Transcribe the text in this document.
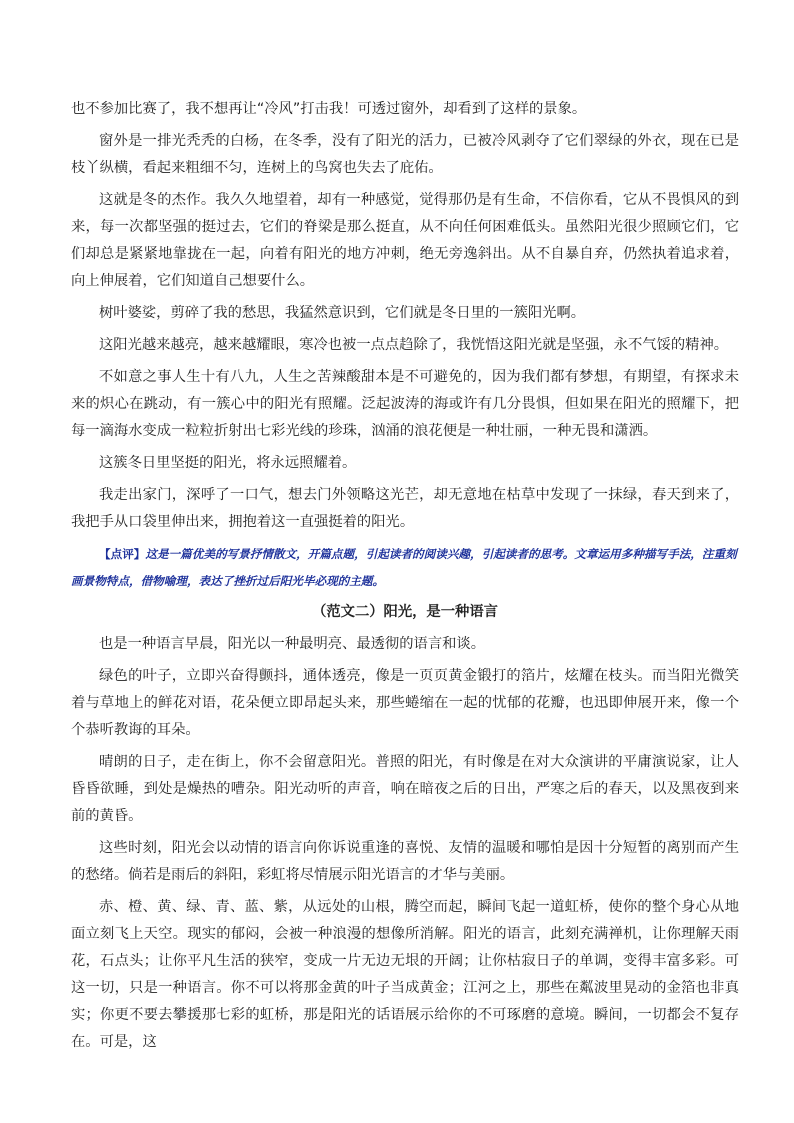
也不参加比赛了，我不想再让“冷风”打击我！可透过窗外，却看到了这样的景象。

窗外是一排光秃秃的白杨，在冬季，没有了阳光的活力，已被冷风剥夺了它们翠绿的外衣，现在已是枝丫纵横，看起来粗细不匀，连树上的鸟窝也失去了庇佑。

这就是冬的杰作。我久久地望着，却有一种感觉，觉得那仍是有生命，不信你看，它从不畏惧风的到来，每一次都坚强的挺过去，它们的脊梁是那么挺直，从不向任何困难低头。虽然阳光很少照顾它们，它们却总是紧紧地靠拢在一起，向着有阳光的地方冲刺，绝无旁逸斜出。从不自暴自弃，仍然执着追求着，向上伸展着，它们知道自己想要什么。

树叶婆娑，剪碎了我的愁思，我猛然意识到，它们就是冬日里的一簇阳光啊。

这阳光越来越亮，越来越耀眼，寒冷也被一点点趋除了，我恍悟这阳光就是坚强，永不气馁的精神。

不如意之事人生十有八九，人生之苦辣酸甜本是不可避免的，因为我们都有梦想，有期望，有探求未来的炽心在跳动，有一簇心中的阳光有照耀。泛起波涛的海或许有几分畏惧，但如果在阳光的照耀下，把每一滴海水变成一粒粒折射出七彩光线的珍珠，汹涌的浪花便是一种壮丽，一种无畏和潇洒。

这簇冬日里坚挺的阳光，将永远照耀着。

我走出家门，深呼了一口气，想去门外领略这光芒，却无意地在枯草中发现了一抹绿，春天到来了，我把手从口袋里伸出来，拥抱着这一直强挺着的阳光。

【点评】这是一篇优美的写景抒情散文，开篇点题，引起读者的阅读兴趣，引起读者的思考。文章运用多种描写手法，注重刻画景物特点，借物喻理，表达了挫折过后阳光毕必现的主题。

（范文二）阳光，是一种语言

也是一种语言早晨，阳光以一种最明亮、最透彻的语言和谈。

绿色的叶子，立即兴奋得颤抖，通体透亮，像是一页页黄金锻打的箔片，炫耀在枝头。而当阳光微笑着与草地上的鲜花对语，花朵便立即昂起头来，那些蜷缩在一起的忧郁的花瓣，也迅即伸展开来，像一个个恭听教诲的耳朵。

晴朗的日子，走在街上，你不会留意阳光。普照的阳光，有时像是在对大众演讲的平庸演说家，让人昏昏欲睡，到处是燥热的嘈杂。阳光动听的声音，响在暗夜之后的日出，严寒之后的春天，以及黑夜到来前的黄昏。

这些时刻，阳光会以动情的语言向你诉说重逢的喜悦、友情的温暖和哪怕是因十分短暂的离别而产生的愁绪。倘若是雨后的斜阳，彩虹将尽情展示阳光语言的才华与美丽。

赤、橙、黄、绿、青、蓝、紫，从远处的山根，腾空而起，瞬间飞起一道虹桥，使你的整个身心从地面立刻飞上天空。现实的郁闷，会被一种浪漫的想像所消解。阳光的语言，此刻充满禅机，让你理解天雨花，石点头；让你平凡生活的狭窄，变成一片无边无垠的开阔；让你枯寂日子的单调，变得丰富多彩。可这一切，只是一种语言。你不可以将那金黄的叶子当成黄金；江河之上，那些在粼波里晃动的金箔也非真实；你更不要去攀援那七彩的虹桥，那是阳光的话语展示给你的不可琢磨的意境。瞬间，一切都会不复存在。可是，这
